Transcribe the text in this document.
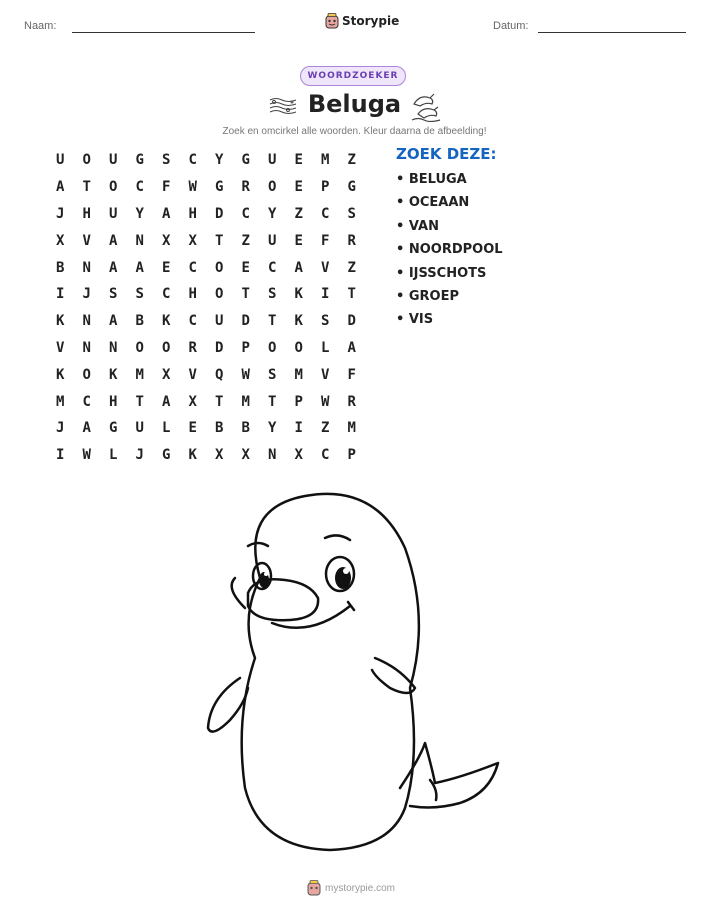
Naam:	Storypie	Datum:
WOORDZOEKER
Beluga
Zoek en omcirkel alle woorden. Kleur daarna de afbeelding!
U	O	U	G	S	C	Y	G	U	E	M	Z
A	T	O	C	F	W	G	R	O	E	P	G
J	H	U	Y	A	H	D	C	Y	Z	C	S
X	V	A	N	X	X	T	Z	U	E	F	R
B	N	A	A	E	C	O	E	C	A	V	Z
I	J	S	S	C	H	O	T	S	K	I	T
K	N	A	B	K	C	U	D	T	K	S	D
V	N	N	O	O	R	D	P	O	O	L	A
K	O	K	M	X	V	Q	W	S	M	V	F
M	C	H	T	A	X	T	M	T	P	W	R
J	A	G	U	L	E	B	B	Y	I	Z	M
I	W	L	J	G	K	X	X	N	X	C	P
ZOEK DEZE:
• BELUGA
• OCEAAN
• VAN
• NOORDPOOL
• IJSSCHOTS
• GROEP
• VIS
mystorypie.com
